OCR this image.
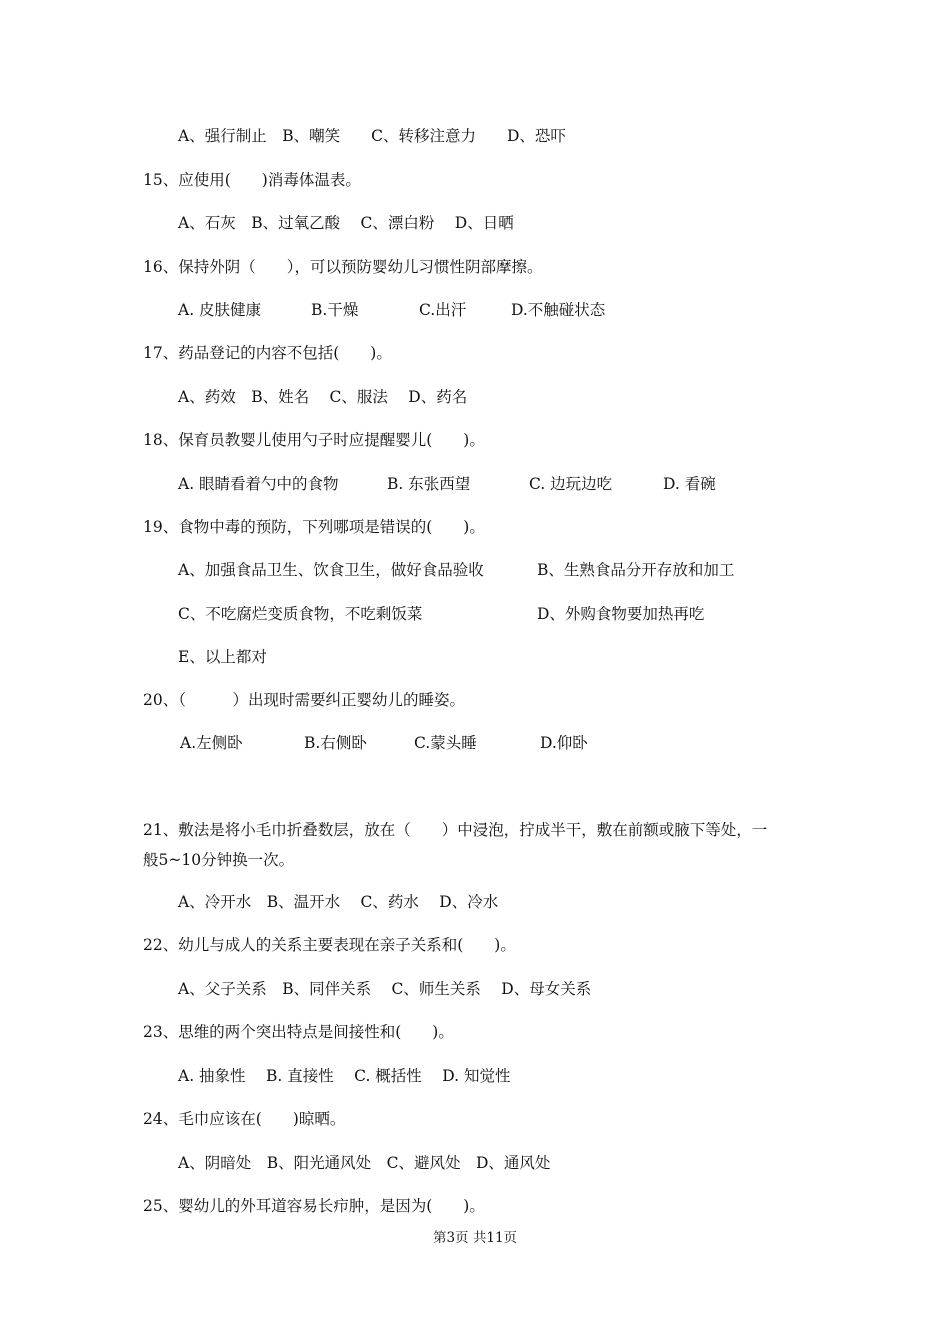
A、强行制止　B、嘲笑　　C、转移注意力　　D、恐吓
15、应使用(　　)消毒体温表。
A、石灰　B、过氧乙酸　 C、漂白粉　 D、日晒
16、保持外阴（　　），可以预防婴幼儿习惯性阴部摩擦。

A. 皮肤健康

	B.干燥

	C.出汗

	D.不触碰状态

17、药品登记的内容不包括(　　)。
A、药效　B、姓名　 C、服法　 D、药名
18、保育员教婴儿使用勺子时应提醒婴儿(　　)。

A. 眼睛看着勺中的食物

	B. 东张西望

	C. 边玩边吃

	D. 看碗

19、食物中毒的预防，下列哪项是错误的(　　)。

A、加强食品卫生、饮食卫生，做好食品验收

	B、生熟食品分开存放和加工

C、不吃腐烂变质食物，不吃剩饭菜

	D、外购食物要加热再吃

E、以上都对
20、（　　　）出现时需要纠正婴幼儿的睡姿。

A.左侧卧

	B.右侧卧

	C.蒙头睡

	D.仰卧

21、敷法是将小毛巾折叠数层，放在（　　）中浸泡，拧成半干，敷在前额或腋下等处，一
般5~10分钟换一次。
A、冷开水　B、温开水　 C、药水　 D、冷水
22、幼儿与成人的关系主要表现在亲子关系和(　　)。
A、父子关系　B、同伴关系　 C、师生关系　 D、母女关系
23、思维的两个突出特点是间接性和(　　)。
A. 抽象性　 B. 直接性　 C. 概括性　 D. 知觉性
24、毛巾应该在(　　)晾晒。
A、阴暗处　B、阳光通风处　C、避风处　D、通风处
25、婴幼儿的外耳道容易长疖肿，是因为(　　)。
第3页 共11页
